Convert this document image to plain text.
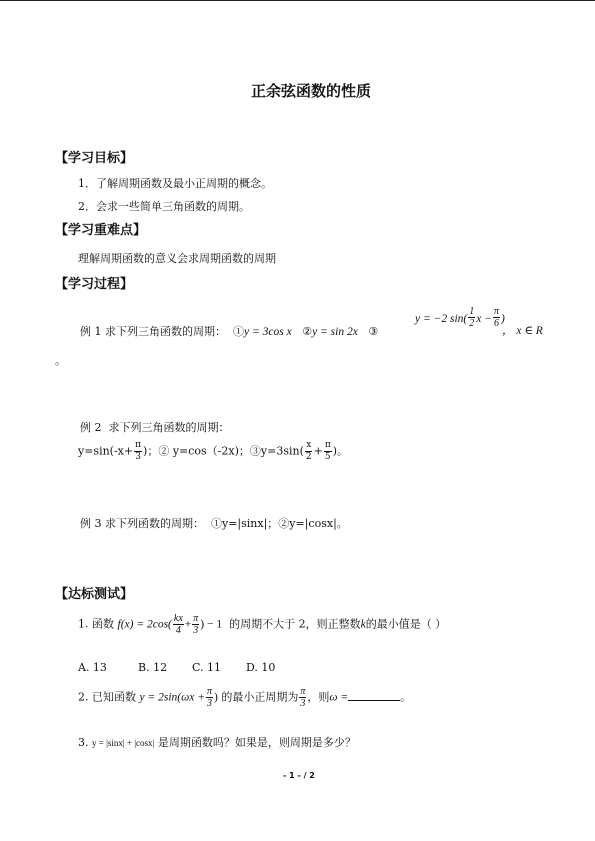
正余弦函数的性质
【学习目标】
1．了解周期函数及最小正周期的概念。
2．会求一些简单三角函数的周期。
【学习重难点】
理解周期函数的意义会求周期函数的周期
【学习过程】
例 1 求下列三角函数的周期： ①y = 3cos x ②y = sin 2x ③
y = −2 $\sin( \frac{1}{2}$ $x - \frac{\pi}{6}$ )
， x ∈ R
。
例 2 求下列三角函数的周期：
$y=\sin(-x+ \frac{\pi}{3}$ )；② y=cos（-2x)；③y=3sin( $\frac{x}{2} + \frac{\pi}{5}$ )。
例 3 求下列函数的周期： ①y=|sinx|；②y=|cosx|。
【达标测试】
1. 函数 $f(x) = 2\cos( \frac{kx}{4} + \frac{\pi}{3}$ ) − 1 的周期不大于 2，则正整数k的最小值是（ ）
A. 13	B. 12 C. 11 D. 10
2. 已知函数 $y = 2\sin(\omega x + \frac{\pi}{3}$ ) 的最小正周期为 $\frac{\pi}{3}$ ，则ω =	。
3. y = |sinx| + |cosx| 是周期函数吗？如果是，则周期是多少？
- 1 - / 2
